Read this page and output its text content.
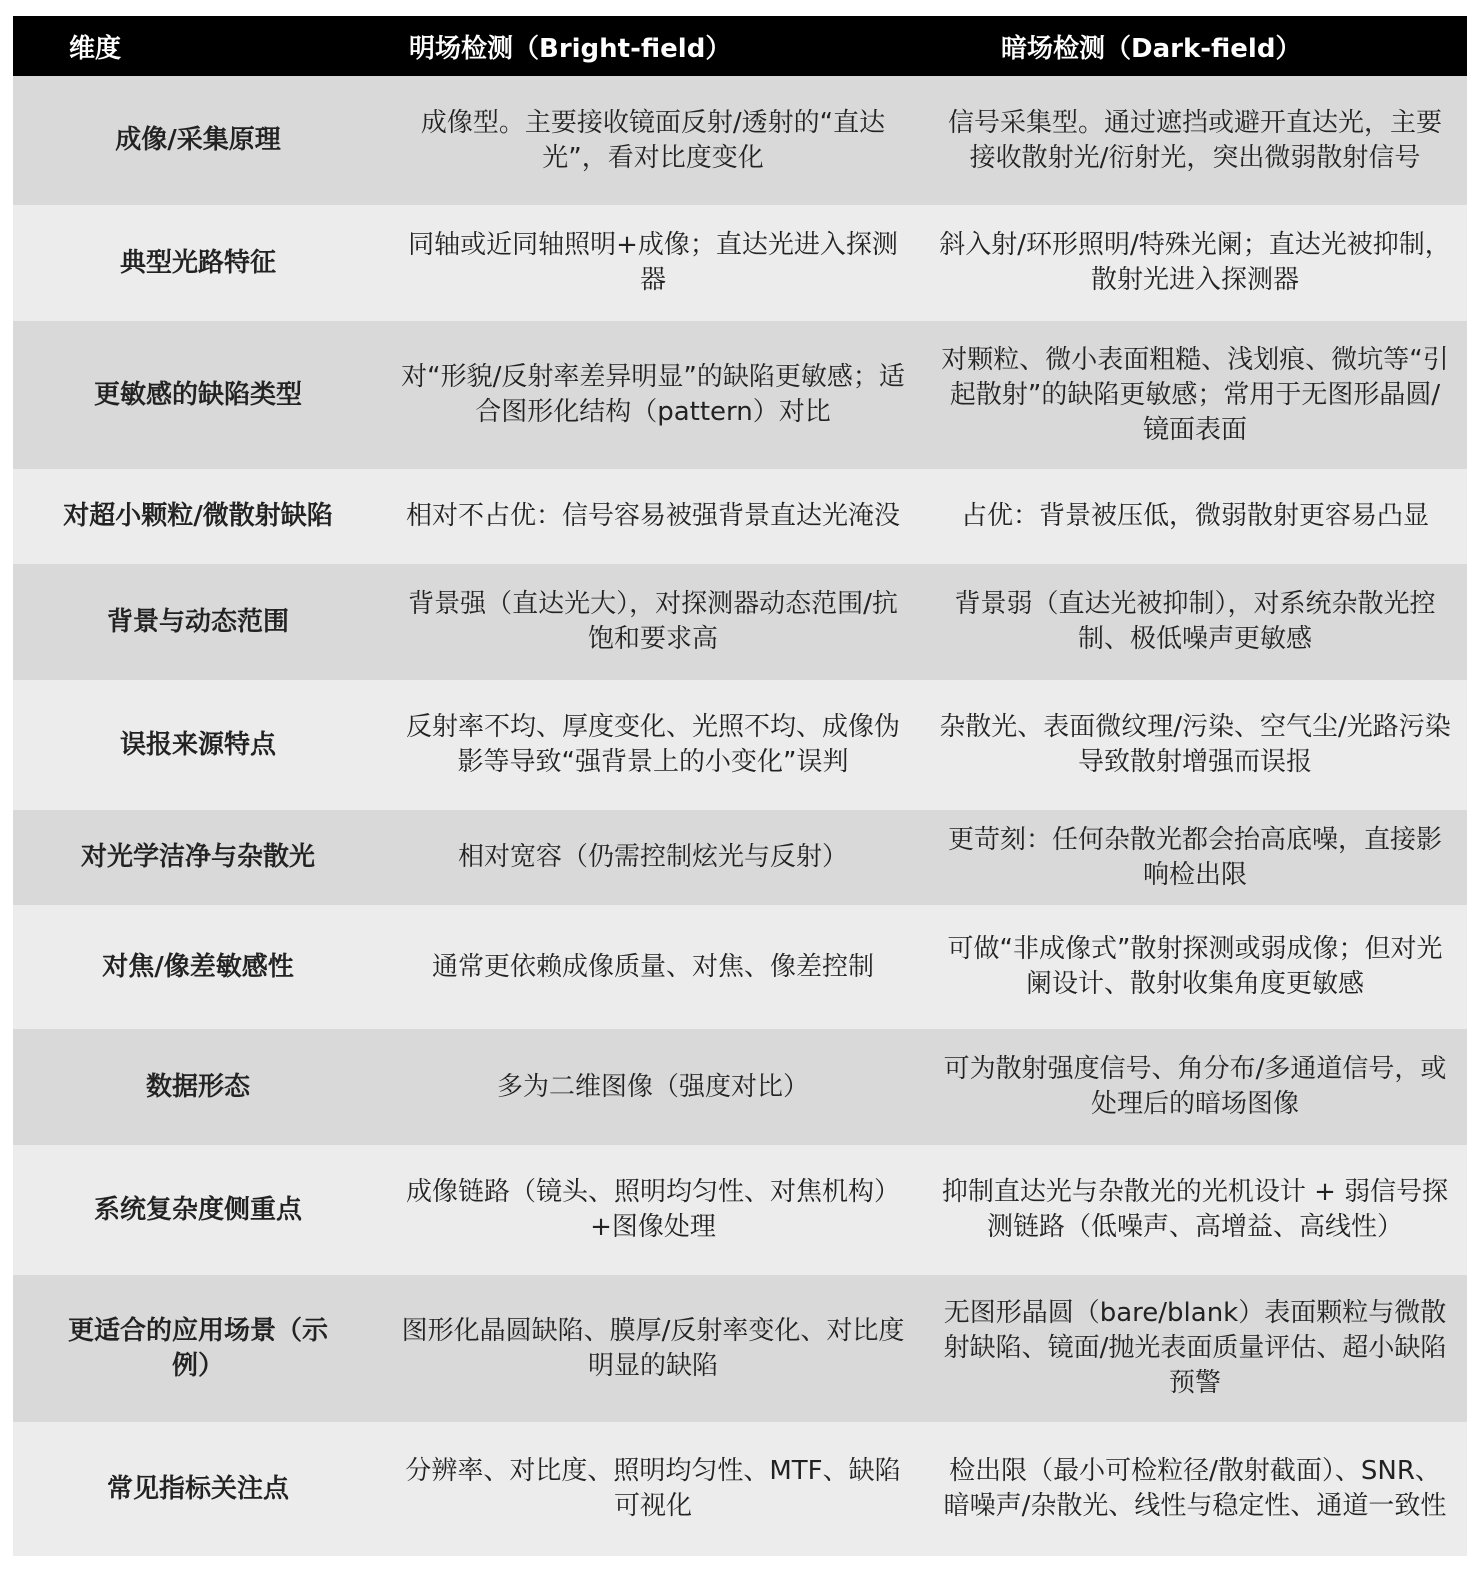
维度	明场检测（Bright-field）	暗场检测（Dark-field）
成像/采集原理	成像型。主要接收镜面反射/透射的“直达光”，看对比度变化	信号采集型。通过遮挡或避开直达光，主要接收散射光/衍射光，突出微弱散射信号
典型光路特征	同轴或近同轴照明+成像；直达光进入探测器	斜入射/环形照明/特殊光阑；直达光被抑制，散射光进入探测器
更敏感的缺陷类型	对“形貌/反射率差异明显”的缺陷更敏感；适合图形化结构（pattern）对比	对颗粒、微小表面粗糙、浅划痕、微坑等“引起散射”的缺陷更敏感；常用于无图形晶圆/镜面表面
对超小颗粒/微散射缺陷	相对不占优：信号容易被强背景直达光淹没	占优：背景被压低，微弱散射更容易凸显
背景与动态范围	背景强（直达光大），对探测器动态范围/抗饱和要求高	背景弱（直达光被抑制），对系统杂散光控制、极低噪声更敏感
误报来源特点	反射率不均、厚度变化、光照不均、成像伪影等导致“强背景上的小变化”误判	杂散光、表面微纹理/污染、空气尘/光路污染导致散射增强而误报
对光学洁净与杂散光	相对宽容（仍需控制炫光与反射）	更苛刻：任何杂散光都会抬高底噪，直接影响检出限
对焦/像差敏感性	通常更依赖成像质量、对焦、像差控制	可做“非成像式”散射探测或弱成像；但对光阑设计、散射收集角度更敏感
数据形态	多为二维图像（强度对比）	可为散射强度信号、角分布/多通道信号，或处理后的暗场图像
系统复杂度侧重点	成像链路（镜头、照明均匀性、对焦机构）+图像处理	抑制直达光与杂散光的光机设计 + 弱信号探测链路（低噪声、高增益、高线性）
更适合的应用场景（示例）	图形化晶圆缺陷、膜厚/反射率变化、对比度明显的缺陷	无图形晶圆（bare/blank）表面颗粒与微散射缺陷、镜面/抛光表面质量评估、超小缺陷预警
常见指标关注点	分辨率、对比度、照明均匀性、MTF、缺陷可视化	检出限（最小可检粒径/散射截面）、SNR、暗噪声/杂散光、线性与稳定性、通道一致性
